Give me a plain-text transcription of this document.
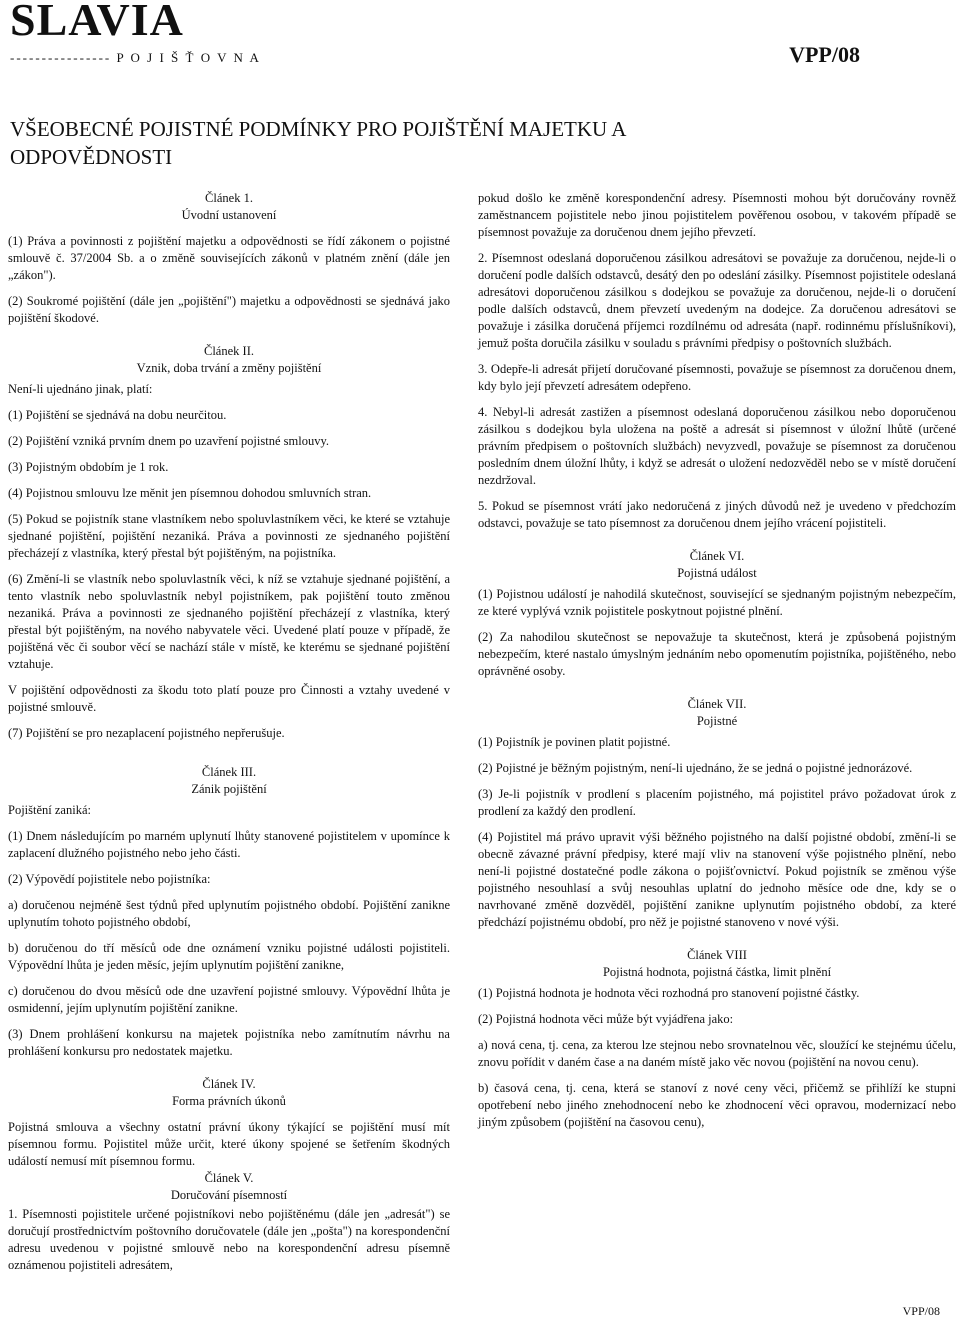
SLAVIA
---------------- P O J I Š Ť O V N A	VPP/08
VŠEOBECNÉ POJISTNÉ PODMÍNKY PRO POJIŠTĚNÍ MAJETKU A ODPOVĚDNOSTI

Článek 1.

Úvodní ustanovení

(1) Práva a povinnosti z pojištění majetku a odpovědnosti se řídí zákonem o pojistné smlouvě č. 37/2004 Sb. a o změně souvisejících zákonů v platném znění (dále jen „zákon").

(2) Soukromé pojištění (dále jen „pojištění") majetku a odpovědnosti se sjednává jako pojištění škodové.

Článek II.

Vznik, doba trvání a změny pojištění

Není-li ujednáno jinak, platí:

(1) Pojištění se sjednává na dobu neurčitou.

(2) Pojištění vzniká prvním dnem po uzavření pojistné smlouvy.

(3) Pojistným obdobím je 1 rok.

(4) Pojistnou smlouvu lze měnit jen písemnou dohodou smluvních stran.

(5) Pokud se pojistník stane vlastníkem nebo spoluvlastníkem věci, ke které se vztahuje sjednané pojištění, pojištění nezaniká. Práva a povinnosti ze sjednaného pojištění přecházejí z vlastníka, který přestal být pojištěným, na pojistníka.

(6) Změní-li se vlastník nebo spoluvlastník věci, k níž se vztahuje sjednané pojištění, a tento vlastník nebo spoluvlastník nebyl pojistníkem, pak pojištění touto změnou nezaniká. Práva a povinnosti ze sjednaného pojištění přecházejí z vlastníka, který přestal být pojištěným, na nového nabyvatele věci. Uvedené platí pouze v případě, že pojištěná věc či soubor věcí se nachází stále v místě, ke kterému se sjednané pojištění vztahuje.

V pojištění odpovědnosti za škodu toto platí pouze pro Činnosti a vztahy uvedené v pojistné smlouvě.

(7) Pojištění se pro nezaplacení pojistného nepřerušuje.

Článek III.

Zánik pojištění

Pojištění zaniká:

(1) Dnem následujícím po marném uplynutí lhůty stanovené pojistitelem v upomínce k zaplacení dlužného pojistného nebo jeho části.

(2) Výpovědí pojistitele nebo pojistníka:

a) doručenou nejméně šest týdnů před uplynutím pojistného období. Pojištění zanikne uplynutím tohoto pojistného období,

b) doručenou do tří měsíců ode dne oznámení vzniku pojistné události pojistiteli. Výpovědní lhůta je jeden měsíc, jejím uplynutím pojištění zanikne,

c) doručenou do dvou měsíců ode dne uzavření pojistné smlouvy. Výpovědní lhůta je osmidenní, jejím uplynutím pojištění zanikne.

(3) Dnem prohlášení konkursu na majetek pojistníka nebo zamítnutím návrhu na prohlášení konkursu pro nedostatek majetku.

Článek IV.

Forma právních úkonů

Pojistná smlouva a všechny ostatní právní úkony týkající se pojištění musí mít písemnou formu. Pojistitel může určit, které úkony spojené se šetřením škodných událostí nemusí mít písemnou formu.

Článek V.

Doručování písemností

1. Písemnosti pojistitele určené pojistníkovi nebo pojištěnému (dále jen „adresát") se doručují prostřednictvím poštovního doručovatele (dále jen „pošta") na korespondenční adresu uvedenou v pojistné smlouvě nebo na korespondenční adresu písemně oznámenou pojistiteli adresátem,

pokud došlo ke změně korespondenční adresy. Písemnosti mohou být doručovány rovněž zaměstnancem pojistitele nebo jinou pojistitelem pověřenou osobou, v takovém případě se písemnost považuje za doručenou dnem jejího převzetí.

2. Písemnost odeslaná doporučenou zásilkou adresátovi se považuje za doručenou, nejde-li o doručení podle dalších odstavců, desátý den po odeslání zásilky. Písemnost pojistitele odeslaná adresátovi doporučenou zásilkou s dodejkou se považuje za doručenou, nejde-li o doručení podle dalších odstavců, dnem převzetí uvedeným na dodejce. Za doručenou adresátovi se považuje i zásilka doručená příjemci rozdílnému od adresáta (např. rodinnému příslušníkovi), jemuž pošta doručila zásilku v souladu s právními předpisy o poštovních službách.

3. Odepře-li adresát přijetí doručované písemnosti, považuje se písemnost za doručenou dnem, kdy bylo její převzetí adresátem odepřeno.

4. Nebyl-li adresát zastižen a písemnost odeslaná doporučenou zásilkou nebo doporučenou zásilkou s dodejkou byla uložena na poště a adresát si písemnost v úložní lhůtě (určené právním předpisem o poštovních službách) nevyzvedl, považuje se písemnost za doručenou posledním dnem úložní lhůty, i když se adresát o uložení nedozvěděl nebo se v místě doručení nezdržoval.

5. Pokud se písemnost vrátí jako nedoručená z jiných důvodů než je uvedeno v předchozím odstavci, považuje se tato písemnost za doručenou dnem jejího vrácení pojistiteli.

Článek VI.

Pojistná událost

(1) Pojistnou událostí je nahodilá skutečnost, související se sjednaným pojistným nebezpečím, ze které vyplývá vznik pojistitele poskytnout pojistné plnění.

(2) Za nahodilou skutečnost se nepovažuje ta skutečnost, která je způsobená pojistným nebezpečím, které nastalo úmyslným jednáním nebo opomenutím pojistníka, pojištěného, nebo oprávněné osoby.

Článek VII.

Pojistné

(1) Pojistník je povinen platit pojistné.

(2) Pojistné je běžným pojistným, není-li ujednáno, že se jedná o pojistné jednorázové.

(3) Je-li pojistník v prodlení s placením pojistného, má pojistitel právo požadovat úrok z prodlení za každý den prodlení.

(4) Pojistitel má právo upravit výši běžného pojistného na další pojistné období, změní-li se obecně závazné právní předpisy, které mají vliv na stanovení výše pojistného plnění, nebo není-li pojistné dostatečné podle zákona o pojišťovnictví. Pokud pojistník se změnou výše pojistného nesouhlasí a svůj nesouhlas uplatní do jednoho měsíce ode dne, kdy se o navrhované změně dozvěděl, pojištění zanikne uplynutím pojistného období, za které předchází pojistnému období, pro něž je pojistné stanoveno v nové výši.

Článek VIII

Pojistná hodnota, pojistná částka, limit plnění

(1) Pojistná hodnota je hodnota věci rozhodná pro stanovení pojistné částky.

(2) Pojistná hodnota věci může být vyjádřena jako:

a) nová cena, tj. cena, za kterou lze stejnou nebo srovnatelnou věc, sloužící ke stejnému účelu, znovu pořídit v daném čase a na daném místě jako věc novou (pojištění na novou cenu).

b) časová cena, tj. cena, která se stanoví z nové ceny věci, přičemž se přihlíží ke stupni opotřebení nebo jiného znehodnocení nebo ke zhodnocení věci opravou, modernizací nebo jiným způsobem (pojištění na časovou cenu),

VPP/08
